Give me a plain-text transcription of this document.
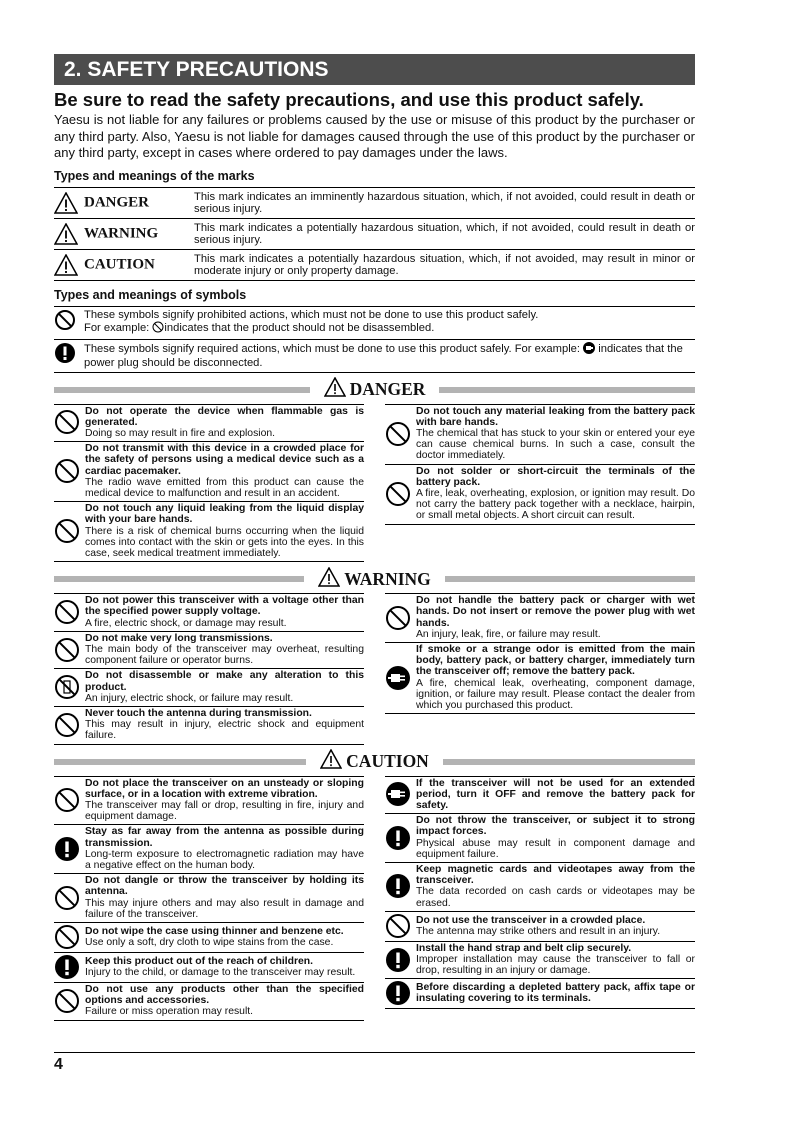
2. SAFETY PRECAUTIONS
Be sure to read the safety precautions, and use this product safely.
Yaesu is not liable for any failures or problems caused by the use or misuse of this product by the purchaser or any third party. Also, Yaesu is not liable for damages caused through the use of this product by the purchaser or any third party, except in cases where ordered to pay damages under the laws.
Types and meanings of the marks
DANGER	This mark indicates an imminently hazardous situation, which, if not avoided, could result in death or serious injury.
WARNING	This mark indicates a potentially hazardous situation, which, if not avoided, could result in death or serious injury.
CAUTION	This mark indicates a potentially hazardous situation, which, if not avoided, may result in minor or moderate injury or only property damage.
Types and meanings of symbols
These symbols signify prohibited actions, which must not be done to use this product safely.
For example: indicates that the product should not be disassembled.
These symbols signify required actions, which must be done to use this product safely. For example: indicates that the power plug should be disconnected.
DANGER
Do not operate the device when flammable gas is generated.
Doing so may result in fire and explosion.
Do not transmit with this device in a crowded place for the safety of persons using a medical device such as a cardiac pacemaker.
The radio wave emitted from this product can cause the medical device to malfunction and result in an accident.
Do not touch any liquid leaking from the liquid display with your bare hands.
There is a risk of chemical burns occurring when the liquid comes into contact with the skin or gets into the eyes. In this case, seek medical treatment immediately.
Do not touch any material leaking from the battery pack with bare hands.
The chemical that has stuck to your skin or entered your eye can cause chemical burns. In such a case, consult the doctor immediately.
Do not solder or short-circuit the terminals of the battery pack.
A fire, leak, overheating, explosion, or ignition may result. Do not carry the battery pack together with a necklace, hairpin, or small metal objects. A short circuit can result.
WARNING
Do not power this transceiver with a voltage other than the specified power supply voltage.
A fire, electric shock, or damage may result.
Do not make very long transmissions.
The main body of the transceiver may overheat, resulting component failure or operator burns.
Do not disassemble or make any alteration to this product.
An injury, electric shock, or failure may result.
Never touch the antenna during transmission.
This may result in injury, electric shock and equipment failure.
Do not handle the battery pack or charger with wet hands. Do not insert or remove the power plug with wet hands.
An injury, leak, fire, or failure may result.
If smoke or a strange odor is emitted from the main body, battery pack, or battery charger, immediately turn the transceiver off; remove the battery pack.
A fire, chemical leak, overheating, component damage, ignition, or failure may result. Please contact the dealer from which you purchased this product.
CAUTION
Do not place the transceiver on an unsteady or sloping surface, or in a location with extreme vibration.
The transceiver may fall or drop, resulting in fire, injury and equipment damage.
Stay as far away from the antenna as possible during transmission.
Long-term exposure to electromagnetic radiation may have a negative effect on the human body.
Do not dangle or throw the transceiver by holding its antenna.
This may injure others and may also result in damage and failure of the transceiver.
Do not wipe the case using thinner and benzene etc.
Use only a soft, dry cloth to wipe stains from the case.
Keep this product out of the reach of children.
Injury to the child, or damage to the transceiver may result.
Do not use any products other than the specified options and accessories.
Failure or miss operation may result.
If the transceiver will not be used for an extended period, turn it OFF and remove the battery pack for safety.
Do not throw the transceiver, or subject it to strong impact forces.
Physical abuse may result in component damage and equipment failure.
Keep magnetic cards and videotapes away from the transceiver.
The data recorded on cash cards or videotapes may be erased.
Do not use the transceiver in a crowded place.
The antenna may strike others and result in an injury.
Install the hand strap and belt clip securely.
Improper installation may cause the transceiver to fall or drop, resulting in an injury or damage.
Before discarding a depleted battery pack, affix tape or insulating covering to its terminals.
4
